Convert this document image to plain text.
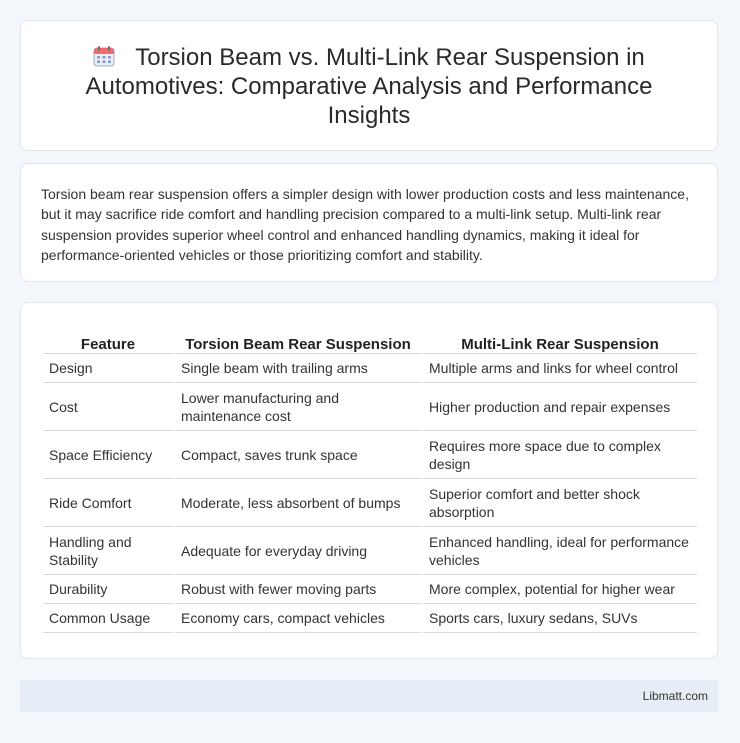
Torsion Beam vs. Multi-Link Rear Suspension in Automotives: Comparative Analysis and Performance Insights

Torsion beam rear suspension offers a simpler design with lower production costs and less maintenance, but it may sacrifice ride comfort and handling precision compared to a multi-link setup. Multi-link rear suspension provides superior wheel control and enhanced handling dynamics, making it ideal for performance-oriented vehicles or those prioritizing comfort and stability.

Feature	Torsion Beam Rear Suspension	Multi-Link Rear Suspension
Design	Single beam with trailing arms	Multiple arms and links for wheel control
Cost	Lower manufacturing and maintenance cost	Higher production and repair expenses
Space Efficiency	Compact, saves trunk space	Requires more space due to complex design
Ride Comfort	Moderate, less absorbent of bumps	Superior comfort and better shock absorption
Handling and Stability	Adequate for everyday driving	Enhanced handling, ideal for performance vehicles
Durability	Robust with fewer moving parts	More complex, potential for higher wear
Common Usage	Economy cars, compact vehicles	Sports cars, luxury sedans, SUVs
Libmatt.com
